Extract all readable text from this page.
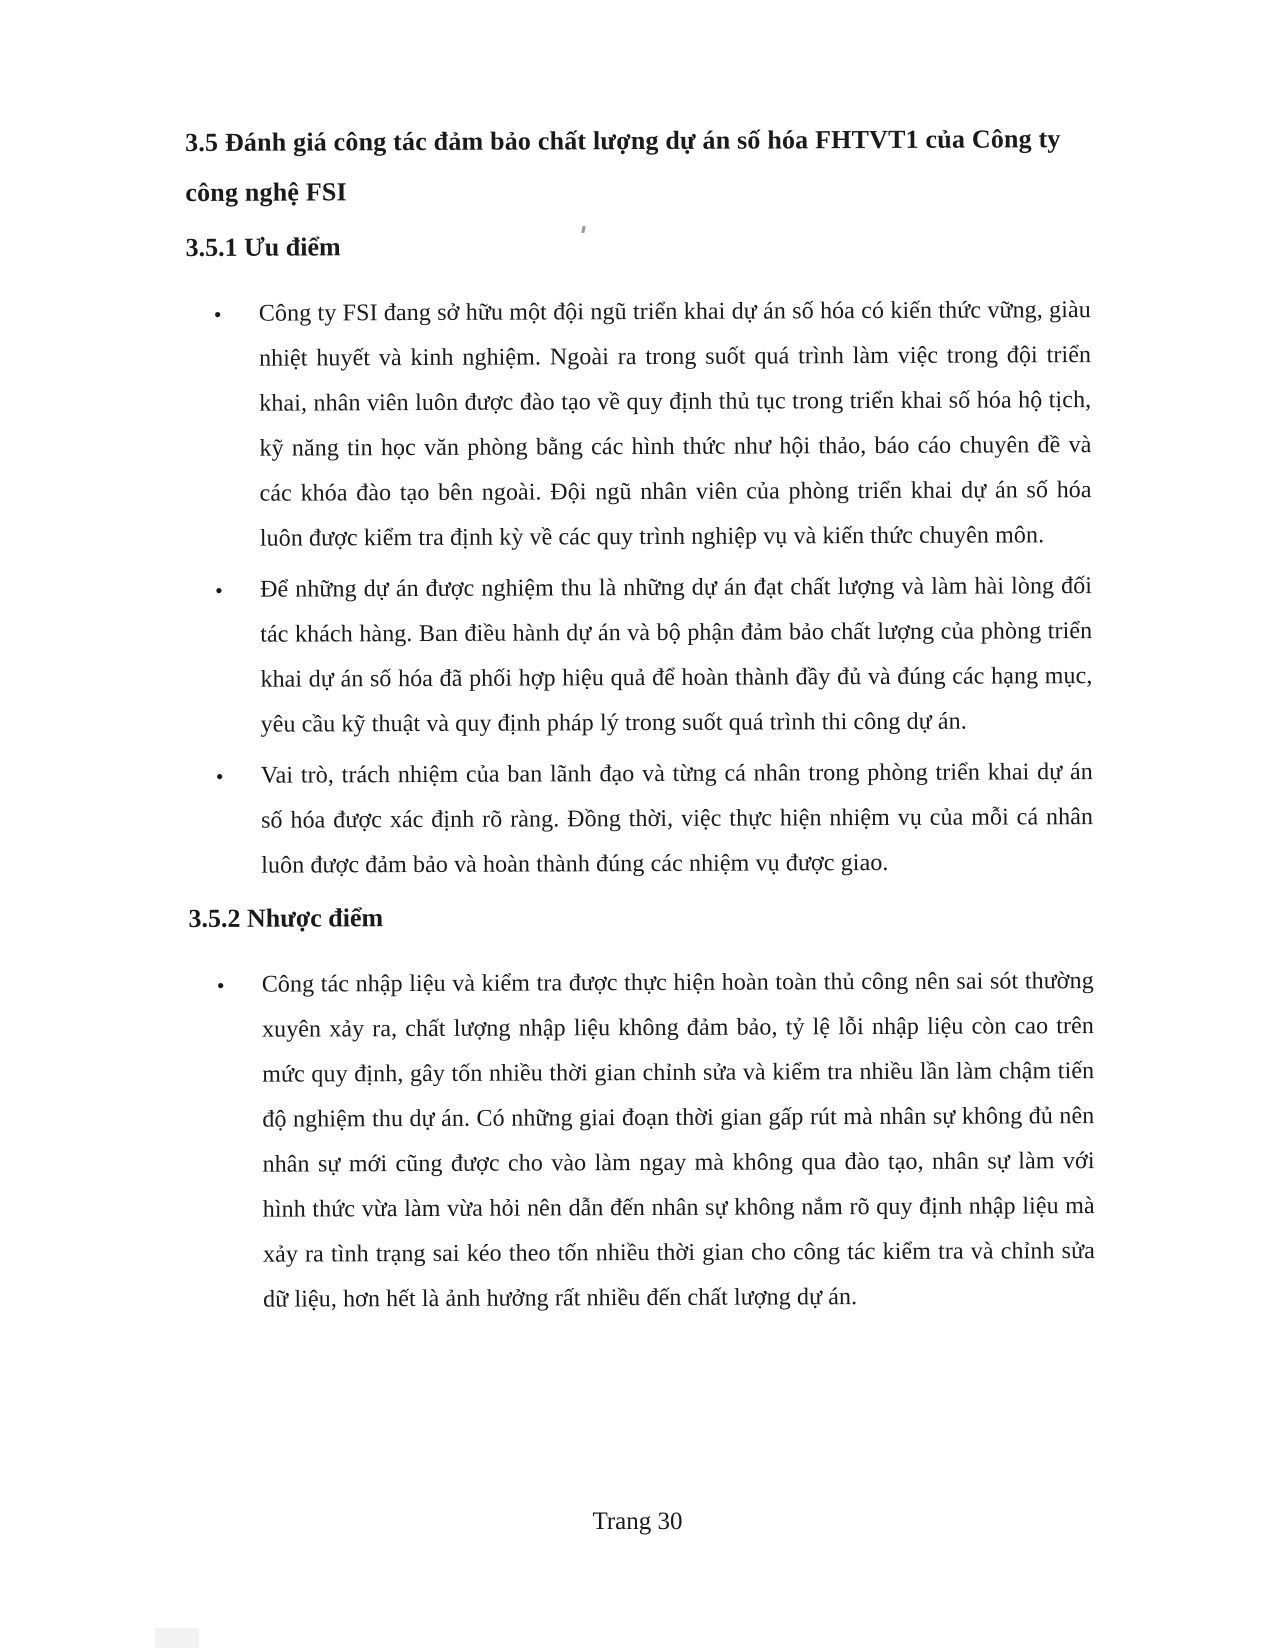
3.5 Đánh giá công tác đảm bảo chất lượng dự án số hóa FHTVT1 của Công ty công nghệ FSI
3.5.1 Ưu điểm
• Công ty FSI đang sở hữu một đội ngũ triển khai dự án số hóa có kiến thức vững, giàu nhiệt huyết và kinh nghiệm. Ngoài ra trong suốt quá trình làm việc trong đội triển khai, nhân viên luôn được đào tạo về quy định thủ tục trong triển khai số hóa hộ tịch, kỹ năng tin học văn phòng bằng các hình thức như hội thảo, báo cáo chuyên đề và các khóa đào tạo bên ngoài. Đội ngũ nhân viên của phòng triển khai dự án số hóa luôn được kiểm tra định kỳ về các quy trình nghiệp vụ và kiến thức chuyên môn.
• Để những dự án được nghiệm thu là những dự án đạt chất lượng và làm hài lòng đối tác khách hàng. Ban điều hành dự án và bộ phận đảm bảo chất lượng của phòng triển khai dự án số hóa đã phối hợp hiệu quả để hoàn thành đầy đủ và đúng các hạng mục, yêu cầu kỹ thuật và quy định pháp lý trong suốt quá trình thi công dự án.
• Vai trò, trách nhiệm của ban lãnh đạo và từng cá nhân trong phòng triển khai dự án số hóa được xác định rõ ràng. Đồng thời, việc thực hiện nhiệm vụ của mỗi cá nhân luôn được đảm bảo và hoàn thành đúng các nhiệm vụ được giao.
3.5.2 Nhược điểm
• Công tác nhập liệu và kiểm tra được thực hiện hoàn toàn thủ công nên sai sót thường xuyên xảy ra, chất lượng nhập liệu không đảm bảo, tỷ lệ lỗi nhập liệu còn cao trên mức quy định, gây tốn nhiều thời gian chỉnh sửa và kiểm tra nhiều lần làm chậm tiến độ nghiệm thu dự án. Có những giai đoạn thời gian gấp rút mà nhân sự không đủ nên nhân sự mới cũng được cho vào làm ngay mà không qua đào tạo, nhân sự làm với hình thức vừa làm vừa hỏi nên dẫn đến nhân sự không nắm rõ quy định nhập liệu mà xảy ra tình trạng sai kéo theo tốn nhiều thời gian cho công tác kiểm tra và chỉnh sửa dữ liệu, hơn hết là ảnh hưởng rất nhiều đến chất lượng dự án.
Trang 30
